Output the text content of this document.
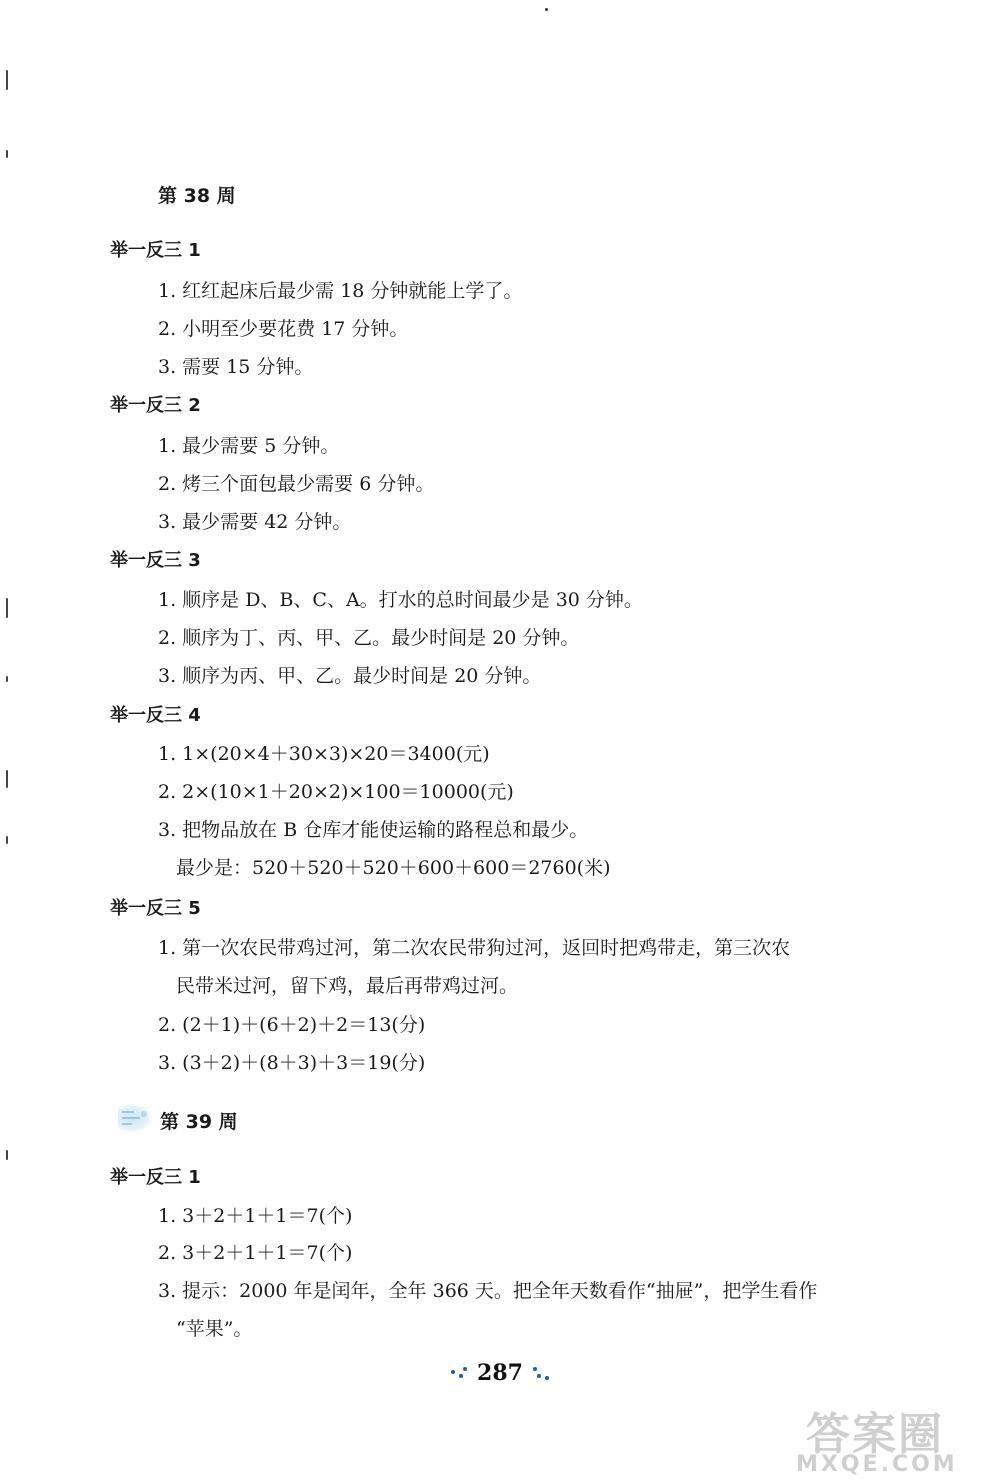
第 38 周
举一反三 1
1. 红红起床后最少需 18 分钟就能上学了。
2. 小明至少要花费 17 分钟。
3. 需要 15 分钟。
举一反三 2
1. 最少需要 5 分钟。
2. 烤三个面包最少需要 6 分钟。
3. 最少需要 42 分钟。
举一反三 3
1. 顺序是 D、B、C、A。打水的总时间最少是 30 分钟。
2. 顺序为丁、丙、甲、乙。最少时间是 20 分钟。
3. 顺序为丙、甲、乙。最少时间是 20 分钟。
举一反三 4
1. 1×(20×4＋30×3)×20＝3400(元)
2. 2×(10×1＋20×2)×100＝10000(元)
3. 把物品放在 B 仓库才能使运输的路程总和最少。
最少是：520＋520＋520＋600＋600＝2760(米)
举一反三 5
1. 第一次农民带鸡过河，第二次农民带狗过河，返回时把鸡带走，第三次农
民带米过河，留下鸡，最后再带鸡过河。
2. (2＋1)＋(6＋2)＋2＝13(分)
3. (3＋2)＋(8＋3)＋3＝19(分)
第 39 周
举一反三 1
1. 3＋2＋1＋1＝7(个)
2. 3＋2＋1＋1＝7(个)
3. 提示：2000 年是闰年，全年 366 天。把全年天数看作“抽屉”，把学生看作
“苹果”。
287
答案圈
MXQE.COM
